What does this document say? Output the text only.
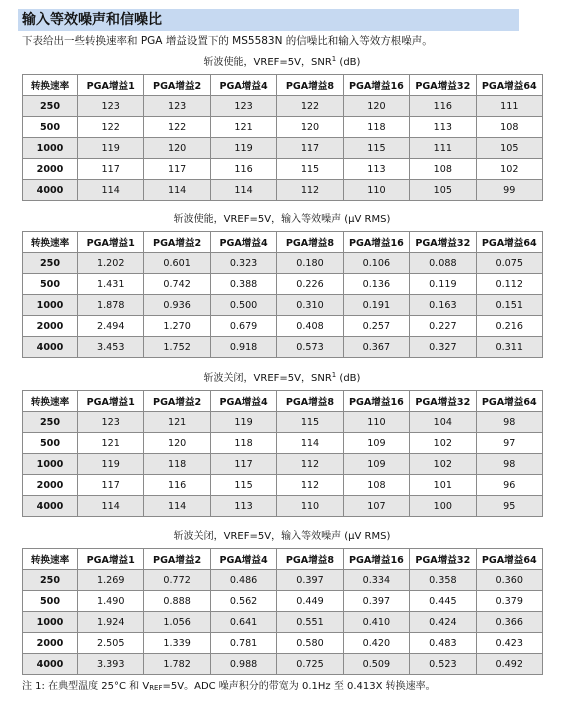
输入等效噪声和信噪比
下表给出一些转换速率和 PGA 增益设置下的 MS5583N 的信噪比和输入等效方根噪声。
斩波使能，VREF=5V，SNR$^1$ (dB)
转换速率	PGA增益1	PGA增益2	PGA增益4	PGA增益8	PGA增益16	PGA增益32	PGA增益64
250	123	123	123	122	120	116	111
500	122	122	121	120	118	113	108
1000	119	120	119	117	115	111	105
2000	117	117	116	115	113	108	102
4000	114	114	114	112	110	105	99
斩波使能，VREF=5V，输入等效噪声 (µV RMS)
转换速率	PGA增益1	PGA增益2	PGA增益4	PGA增益8	PGA增益16	PGA增益32	PGA增益64
250	1.202	0.601	0.323	0.180	0.106	0.088	0.075
500	1.431	0.742	0.388	0.226	0.136	0.119	0.112
1000	1.878	0.936	0.500	0.310	0.191	0.163	0.151
2000	2.494	1.270	0.679	0.408	0.257	0.227	0.216
4000	3.453	1.752	0.918	0.573	0.367	0.327	0.311
斩波关闭，VREF=5V，SNR$^1$ (dB)
转换速率	PGA增益1	PGA增益2	PGA增益4	PGA增益8	PGA增益16	PGA增益32	PGA增益64
250	123	121	119	115	110	104	98
500	121	120	118	114	109	102	97
1000	119	118	117	112	109	102	98
2000	117	116	115	112	108	101	96
4000	114	114	113	110	107	100	95
斩波关闭，VREF=5V，输入等效噪声 (µV RMS)
转换速率	PGA增益1	PGA增益2	PGA增益4	PGA增益8	PGA增益16	PGA增益32	PGA增益64
250	1.269	0.772	0.486	0.397	0.334	0.358	0.360
500	1.490	0.888	0.562	0.449	0.397	0.445	0.379
1000	1.924	1.056	0.641	0.551	0.410	0.424	0.366
2000	2.505	1.339	0.781	0.580	0.420	0.483	0.423
4000	3.393	1.782	0.988	0.725	0.509	0.523	0.492
注 1: 在典型温度 25°C 和 $V_{REF}=5V$。ADC 噪声积分的带宽为 0.1Hz 至 0.413X 转换速率。
